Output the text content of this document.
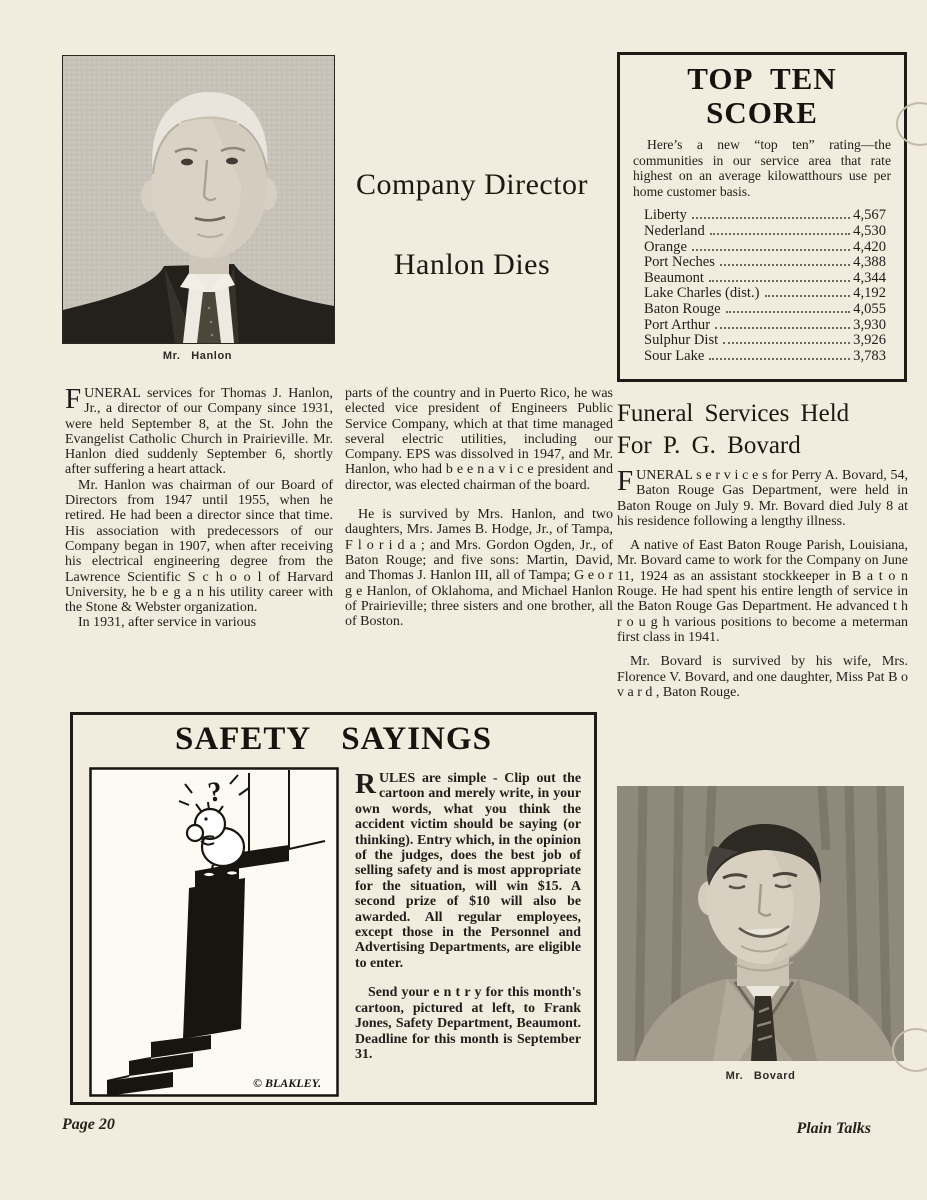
Mr. Hanlon
Company Director
Hanlon Dies
TOP TEN
SCORE

Here’s a new “top ten” rating—the communities in our service area that rate highest on an average kilowatthours use per home customer basis.

Liberty	4,567
Nederland	4,530
Orange	4,420
Port Neches	4,388
Beaumont	4,344
Lake Charles (dist.)	4,192
Baton Rouge	4,055
Port Arthur	3,930
Sulphur Dist	3,926
Sour Lake	3,783

FUNERAL services for Thomas J. Hanlon, Jr., a director of our Company since 1931, were held September 8, at the St. John the Evangelist Catholic Church in Prairieville. Mr. Hanlon died suddenly September 6, shortly after suffering a heart attack.

Mr. Hanlon was chairman of our Board of Directors from 1947 until 1955, when he retired. He had been a director since that time. His association with predecessors of our Company began in 1907, when after receiving his electrical engineering degree from the Lawrence Scientific S c h o o l of Harvard University, he b e g a n his utility career with the Stone & Webster organization.

In 1931, after service in various

parts of the country and in Puerto Rico, he was elected vice president of Engineers Public Service Company, which at that time managed several electric utilities, including our Company. EPS was dissolved in 1947, and Mr. Hanlon, who had b e e n a v i c e president and director, was elected chairman of the board.

He is survived by Mrs. Hanlon, and two daughters, Mrs. James B. Hodge, Jr., of Tampa, F l o r i d a ; and Mrs. Gordon Ogden, Jr., of Baton Rouge; and five sons: Martin, David, and Thomas J. Hanlon III, all of Tampa; G e o r g e Hanlon, of Oklahoma, and Michael Hanlon of Prairieville; three sisters and one brother, all of Boston.

Funeral Services Held
For P. G. Bovard

FUNERAL s e r v i c e s for Perry A. Bovard, 54, Baton Rouge Gas Department, were held in Baton Rouge on July 9. Mr. Bovard died July 8 at his residence following a lengthy illness.

A native of East Baton Rouge Parish, Louisiana, Mr. Bovard came to work for the Company on June 11, 1924 as an assistant stockkeeper in B a t o n Rouge. He had spent his entire length of service in the Baton Rouge Gas Department. He advanced t h r o u g h various positions to become a meterman first class in 1941.

Mr. Bovard is survived by his wife, Mrs. Florence V. Bovard, and one daughter, Miss Pat B o v a r d , Baton Rouge.

SAFETY SAYINGS
?
© BLAKLEY.

RULES are simple - Clip out the cartoon and merely write, in your own words, what you think the accident victim should be saying (or thinking). Entry which, in the opinion of the judges, does the best job of selling safety and is most appropriate for the situation, will win $15. A second prize of $10 will also be awarded. All regular employees, except those in the Personnel and Advertising Departments, are eligible to enter.

Send your e n t r y for this month's cartoon, pictured at left, to Frank Jones, Safety Department, Beaumont. Deadline for this month is September 31.

Mr. Bovard
Page 20	Plain Talks
